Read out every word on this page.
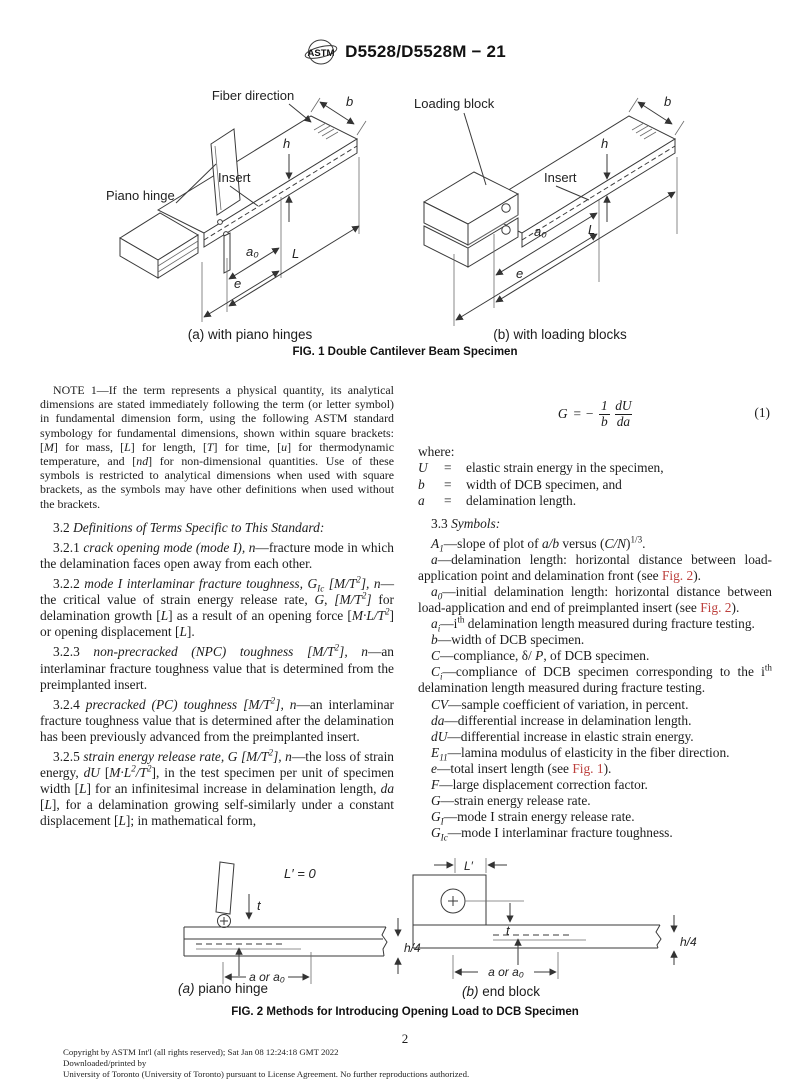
ASTM D5528/D5528M − 21
Piano hinge
Fiber direction
Insert
b
h
a₀	L
e
Loading block
Insert
b
h
a₀	L
e
(a) with piano hinges	(b) with loading blocks
FIG. 1 Double Cantilever Beam Specimen

NOTE 1—If the term represents a physical quantity, its analytical dimensions are stated immediately following the term (or letter symbol) in fundamental dimension form, using the following ASTM standard symbology for fundamental dimensions, shown within square brackets: [M] for mass, [L] for length, [T] for time, [u] for thermodynamic temperature, and [nd] for non-dimensional quantities. Use of these symbols is restricted to analytical dimensions when used with square brackets, as the symbols may have other definitions when used without the brackets.

3.2 Definitions of Terms Specific to This Standard:

3.2.1 crack opening mode (mode I), n—fracture mode in which the delamination faces open away from each other.

3.2.2 mode I interlaminar fracture toughness, $G_{Ic}$ $[M/T^2]$, n—the critical value of strain energy release rate, G, $[M/T^2]$ for delamination growth [L] as a result of an opening force $[M\cdot L/T^2]$ or opening displacement [L].

3.2.3 non-precracked (NPC) toughness $[M/T^2]$, n—an interlaminar fracture toughness value that is determined from the preimplanted insert.

3.2.4 precracked (PC) toughness $[M/T^2]$, n—an interlaminar fracture toughness value that is determined after the delamination has been previously advanced from the preimplanted insert.

3.2.5 strain energy release rate, G $[M/T^2]$, n—the loss of strain energy, dU $[M\cdot L^2/T^2]$, in the test specimen per unit of specimen width [L] for an infinitesimal increase in delamination length, da [L], for a delamination growing self-similarly under a constant displacement [L]; in mathematical form,

G = − $\frac{1}{b} \frac{dU}{da}$	(1)
where:
U	=	elastic strain energy in the specimen,
b	=	width of DCB specimen, and
a	=	delamination length.

3.3 Symbols:

$A_1—slope$ of plot of a/b versus $(C/N)^{1/3}$.

a—delamination length: horizontal distance between load-application point and delamination front (see Fig. 2).

$a_0—initial$ delamination length: horizontal distance between load-application and end of preimplanted insert (see Fig. 2).

$a_i—i^{th}$ delamination length measured during fracture testing.

b—width of DCB specimen.

C—compliance, δ/ P, of DCB specimen.

$C_i—compliance$ of DCB specimen corresponding to the $i^{th}$ delamination length measured during fracture testing.

CV—sample coefficient of variation, in percent.

da—differential increase in delamination length.

dU—differential increase in elastic strain energy.

$E_{11}—lamina$ modulus of elasticity in the fiber direction.

e—total insert length (see Fig. 1).

F—large displacement correction factor.

G—strain energy release rate.

$G_I—mode$ I strain energy release rate.

$G_{Ic}—mode$ I interlaminar fracture toughness.

L′ = 0
t
h/4
a or a₀
L′
t
h/4
a or a₀
(a) piano hinge	(b) end block
FIG. 2 Methods for Introducing Opening Load to DCB Specimen
2
Copyright by ASTM Int'l (all rights reserved); Sat Jan 08 12:24:18 GMT 2022
Downloaded/printed by
University of Toronto (University of Toronto) pursuant to License Agreement. No further reproductions authorized.
